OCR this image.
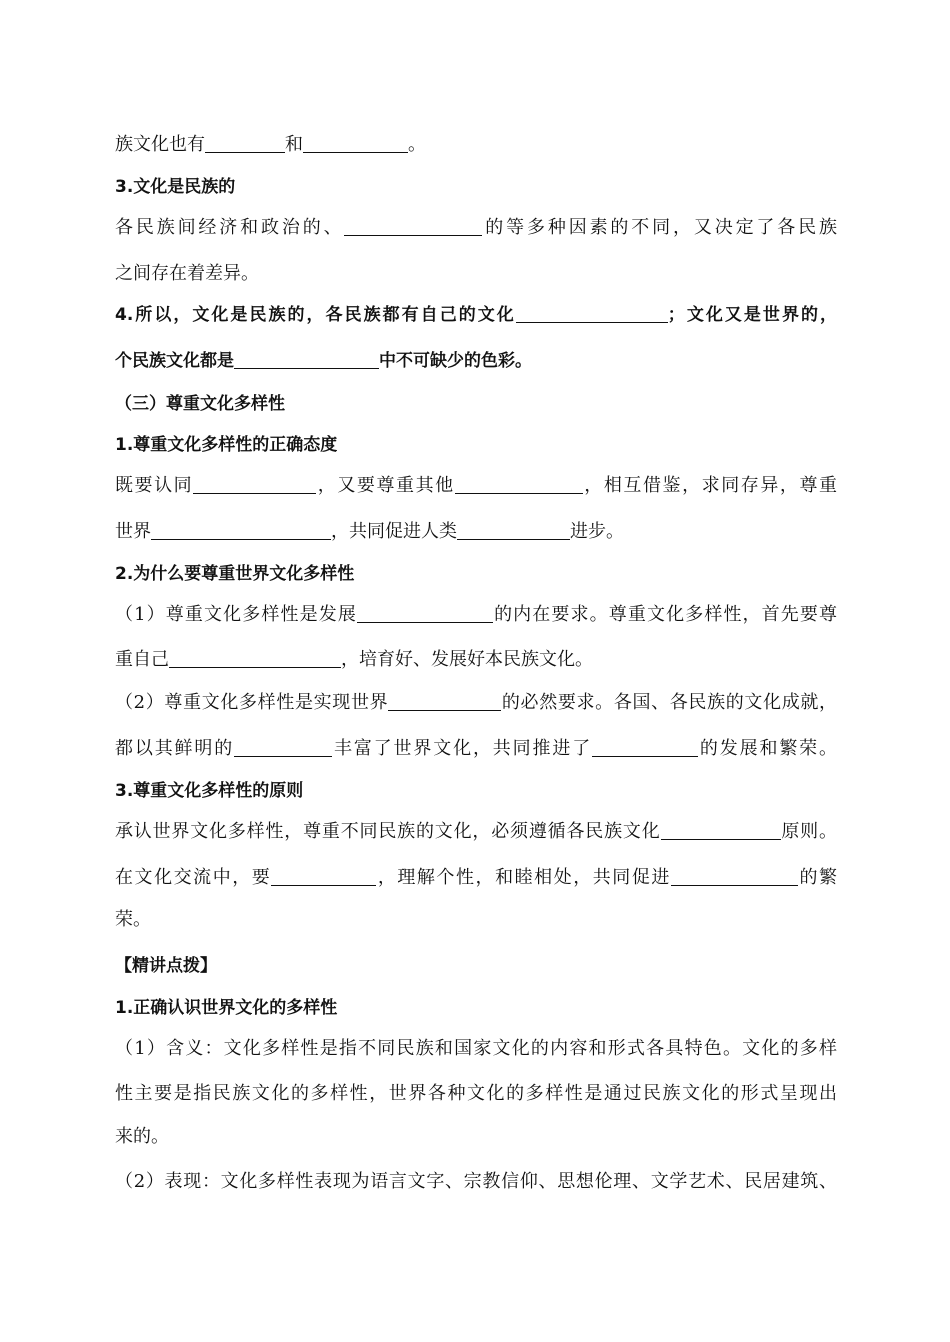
族文化也有	和	。
3.文化是民族的
各民族间经济和政治的、	的等多种因素的不同，又决定了各民族
之间存在着差异。
4.所以，文化是民族的，各民族都有自己的文化	；文化又是世界的，
个民族文化都是	中不可缺少的色彩。
（三）尊重文化多样性
1.尊重文化多样性的正确态度
既要认同	，又要尊重其他	，相互借鉴，求同存异，尊重
世界	，共同促进人类	进步。
2.为什么要尊重世界文化多样性
（1）尊重文化多样性是发展	的内在要求。尊重文化多样性，首先要尊
重自己	，培育好、发展好本民族文化。
（2）尊重文化多样性是实现世界	的必然要求。各国、各民族的文化成就，
都以其鲜明的	丰富了世界文化，共同推进了	的发展和繁荣。
3.尊重文化多样性的原则
承认世界文化多样性，尊重不同民族的文化，必须遵循各民族文化	原则。
在文化交流中，要	，理解个性，和睦相处，共同促进	的繁
荣。
【精讲点拨】
1.正确认识世界文化的多样性
（1）含义：文化多样性是指不同民族和国家文化的内容和形式各具特色。文化的多样
性主要是指民族文化的多样性，世界各种文化的多样性是通过民族文化的形式呈现出
来的。
（2）表现：文化多样性表现为语言文字、宗教信仰、思想伦理、文学艺术、民居建筑、
